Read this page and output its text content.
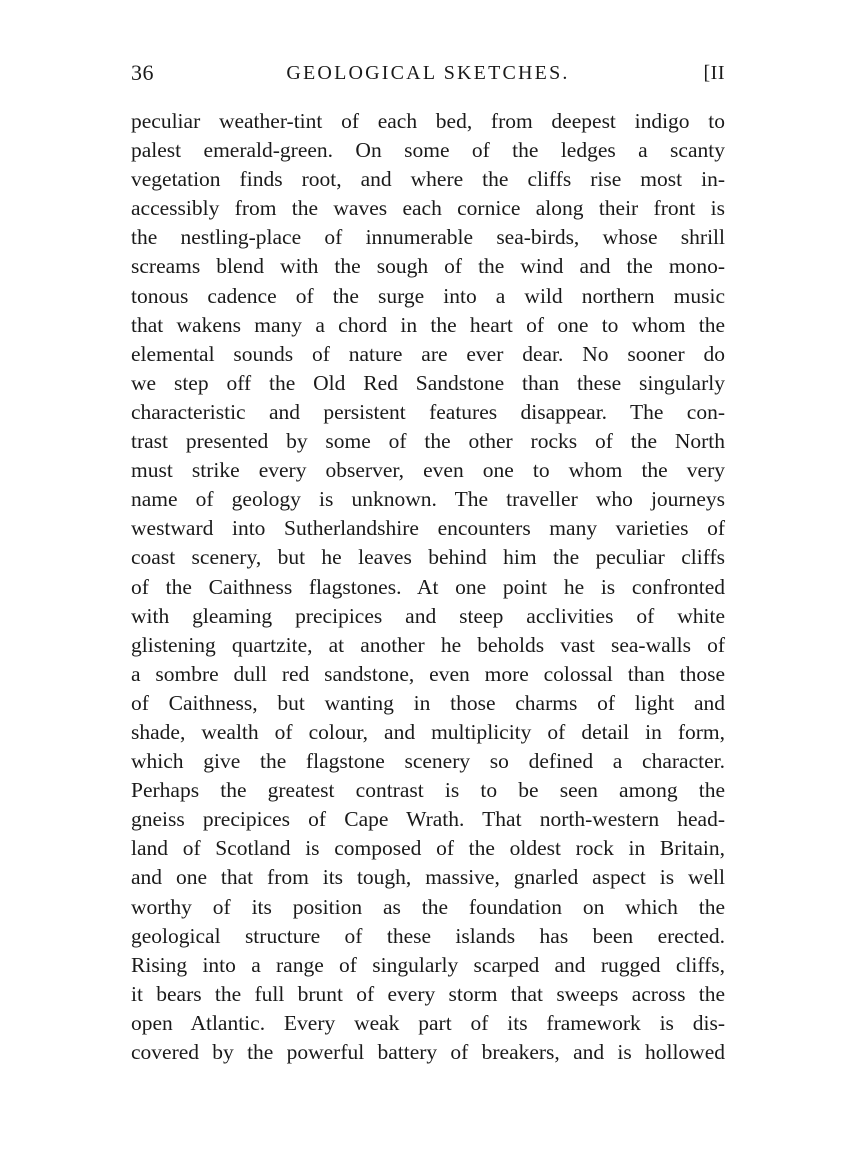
36	GEOLOGICAL SKETCHES.	[II
peculiar weather-tint of each bed, from deepest indigo to
palest emerald-green. On some of the ledges a scanty
vegetation finds root, and where the cliffs rise most in-
accessibly from the waves each cornice along their front is
the nestling-place of innumerable sea-birds, whose shrill
screams blend with the sough of the wind and the mono-
tonous cadence of the surge into a wild northern music
that wakens many a chord in the heart of one to whom the
elemental sounds of nature are ever dear. No sooner do
we step off the Old Red Sandstone than these singularly
characteristic and persistent features disappear. The con-
trast presented by some of the other rocks of the North
must strike every observer, even one to whom the very
name of geology is unknown. The traveller who journeys
westward into Sutherlandshire encounters many varieties of
coast scenery, but he leaves behind him the peculiar cliffs
of the Caithness flagstones. At one point he is confronted
with gleaming precipices and steep acclivities of white
glistening quartzite, at another he beholds vast sea-walls of
a sombre dull red sandstone, even more colossal than those
of Caithness, but wanting in those charms of light and
shade, wealth of colour, and multiplicity of detail in form,
which give the flagstone scenery so defined a character.
Perhaps the greatest contrast is to be seen among the
gneiss precipices of Cape Wrath. That north-western head-
land of Scotland is composed of the oldest rock in Britain,
and one that from its tough, massive, gnarled aspect is well
worthy of its position as the foundation on which the
geological structure of these islands has been erected.
Rising into a range of singularly scarped and rugged cliffs,
it bears the full brunt of every storm that sweeps across the
open Atlantic. Every weak part of its framework is dis-
covered by the powerful battery of breakers, and is hollowed
